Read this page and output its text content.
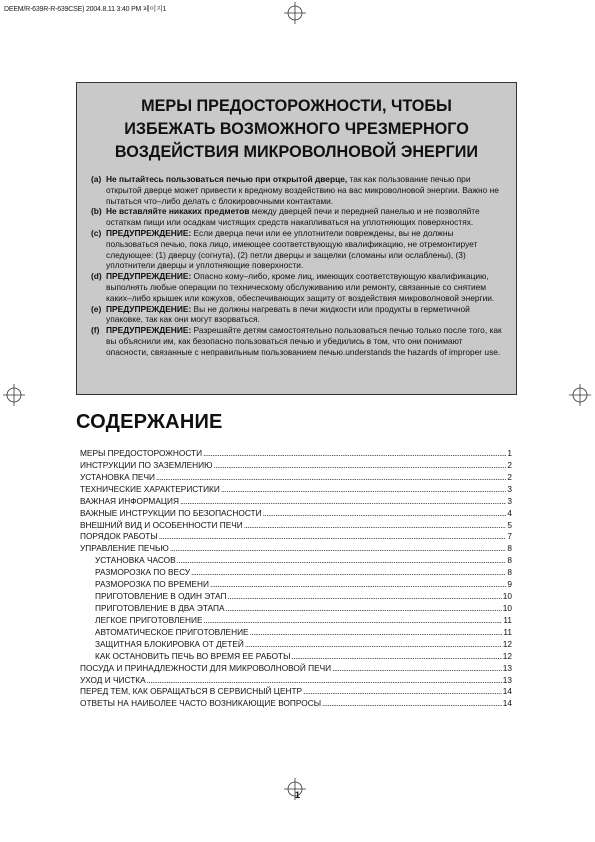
DEEM/R-639R-R-639CSE) 2004.8.11 3:40 PM 페이지1
МЕРЫ ПРЕДОСТОРОЖНОСТИ, ЧТОБЫ
ИЗБЕЖАТЬ ВОЗМОЖНОГО ЧРЕЗМЕРНОГО
ВОЗДЕЙСТВИЯ МИКРОВОЛНОВОЙ ЭНЕРГИИ
(a) Не пытайтесь пользоваться печью при открытой дверце, так как пользование печью при открытой дверце может привести к вредному воздействию на вас микроволновой энергии. Важно не пытаться что–либо делать с блокировочными контактами.
(b) Не вставляйте никаких предметов между дверцей печи и передней панелью и не позволяйте остаткам пищи или осадкам чистящих средств накапливаться на уплотняющих поверхностях.
(c) ПРЕДУПРЕЖДЕНИЕ: Если дверца печи или ее уплотнители повреждены, вы не должны пользоваться печью, пока лицо, имеющее соответствующую квалификацию, не отремонтирует следующее: (1) дверцу (согнута), (2) петли дверцы и защелки (сломаны или ослаблены), (3) уплотнители дверцы и уплотняющие поверхности.
(d) ПРЕДУПРЕЖДЕНИЕ: Опасно кому–либо, кроме лиц, имеющих соответствующую квалификацию, выполнять любые операции по техническому обслуживанию или ремонту, связанные со снятием каких–либо крышек или кожухов, обеспечивающих защиту от воздействия микроволновой энергии.
(e) ПРЕДУПРЕЖДЕНИЕ: Вы не должны нагревать в печи жидкости или продукты в герметичной упаковке, так как они могут взорваться.
(f) ПРЕДУПРЕЖДЕНИЕ: Разрешайте детям самостоятельно пользоваться печью только после того, как вы объяснили им, как безопасно пользоваться печью и убедились в том, что они понимают опасности, связанные с неправильным пользованием печью.understands the hazards of improper use.
СОДЕРЖАНИЕ
МЕРЫ ПРЕДОСТОРОЖНОСТИ .....	1
ИНСТРУКЦИИ ПО ЗАЗЕМЛЕНИЮ .....	2
УСТАНОВКА ПЕЧИ .....	2
ТЕХНИЧЕСКИЕ ХАРАКТЕРИСТИКИ .....	3
ВАЖНАЯ ИНФОРМАЦИЯ .....	3
ВАЖНЫЕ ИНСТРУКЦИИ ПО БЕЗОПАСНОСТИ .....	4
ВНЕШНИЙ ВИД И ОСОБЕННОСТИ ПЕЧИ .....	5
ПОРЯДОК РАБОТЫ .....	7
УПРАВЛЕНИЕ ПЕЧЬЮ .....	8
УСТАНОВКА ЧАСОВ .....	8
РАЗМОРОЗКА ПО ВЕСУ .....	8
РАЗМОРОЗКА ПО ВРЕМЕНИ .....	9
ПРИГОТОВЛЕНИЕ В ОДИН ЭТАП .....	10
ПРИГОТОВЛЕНИЕ В ДВА ЭТАПА .....	10
ЛЕГКОЕ ПРИГОТОВЛЕНИЕ .....	11
АВТОМАТИЧЕСКОЕ ПРИГОТОВЛЕНИЕ .....	11
ЗАЩИТНАЯ БЛОКИРОВКА ОТ ДЕТЕЙ .....	12
КАК ОСТАНОВИТЬ ПЕЧЬ ВО ВРЕМЯ ЕЕ РАБОТЫ .....	12
ПОСУДА И ПРИНАДЛЕЖНОСТИ ДЛЯ МИКРОВОЛНОВОЙ ПЕЧИ .....	13
УХОД И ЧИСТКА .....	13
ПЕРЕД ТЕМ, КАК ОБРАЩАТЬСЯ В СЕРВИСНЫЙ ЦЕНТР .....	14
ОТВЕТЫ НА НАИБОЛЕЕ ЧАСТО ВОЗНИКАЮЩИЕ ВОПРОСЫ .....	14
1
